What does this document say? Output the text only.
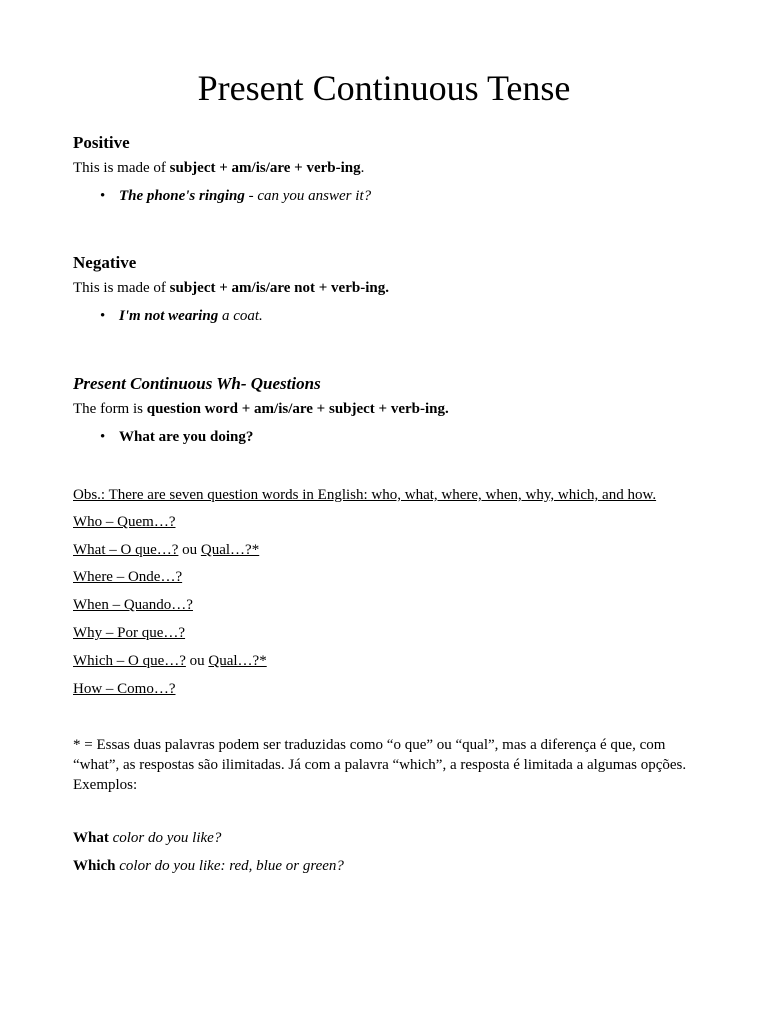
Present Continuous Tense
Positive
This is made of subject + am/is/are + verb-ing.
• The phone's ringing - can you answer it?
Negative
This is made of subject + am/is/are not + verb-ing.
• I'm not wearing a coat.
Present Continuous Wh- Questions
The form is question word + am/is/are + subject + verb-ing.
• What are you doing?
Obs.: There are seven question words in English: who, what, where, when, why, which, and how.
Who – Quem…?
What – O que…? ou Qual…?*
Where – Onde…?
When – Quando…?
Why – Por que…?
Which – O que…? ou Qual…?*
How – Como…?
* = Essas duas palavras podem ser traduzidas como “o que” ou “qual”, mas a diferença é que, com “what”, as respostas são ilimitadas. Já com a palavra “which”, a resposta é limitada a algumas opções. Exemplos:
What color do you like?
Which color do you like: red, blue or green?
